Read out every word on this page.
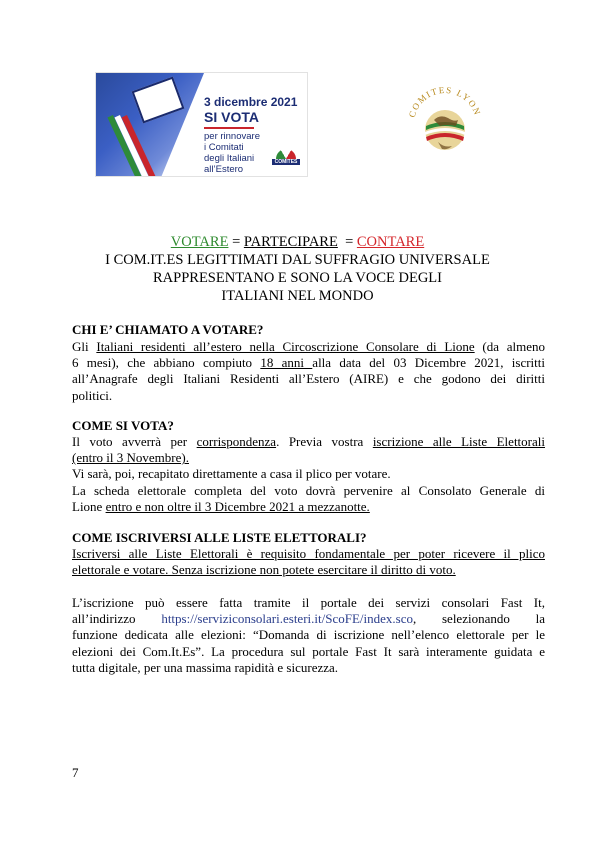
3 dicembre 2021
SI VOTA
per rinnovare
i Comitati
degli Italiani
all’Estero
COMITES
COMITES LYON
VOTARE = PARTECIPARE  = CONTARE
I COM.IT.ES LEGITTIMATI DAL SUFFRAGIO UNIVERSALE
RAPPRESENTANO E SONO LA VOCE DEGLI
ITALIANI NEL MONDO
CHI E’ CHIAMATO A VOTARE?
Gli Italiani residenti all’estero nella Circoscrizione Consolare di Lione (da almeno
6 mesi), che abbiano compiuto 18 anni alla data del 03 Dicembre 2021, iscritti
all’Anagrafe degli Italiani Residenti all’Estero (AIRE) e che godono dei diritti
politici.
COME SI VOTA?
Il voto avverrà per corrispondenza. Previa vostra iscrizione alle Liste Elettorali
(entro il 3 Novembre).
Vi sarà, poi, recapitato direttamente a casa il plico per votare.
La scheda elettorale completa del voto dovrà pervenire al Consolato Generale di
Lione entro e non oltre il 3 Dicembre 2021 a mezzanotte.
COME ISCRIVERSI ALLE LISTE ELETTORALI?
Iscriversi alle Liste Elettorali è requisito fondamentale per poter ricevere il plico
elettorale e votare. Senza iscrizione non potete esercitare il diritto di voto.
L’iscrizione può essere fatta tramite il portale dei servizi consolari Fast It,
all’indirizzo https://serviziconsolari.esteri.it/ScoFE/index.sco, selezionando la
funzione dedicata alle elezioni: “Domanda di iscrizione nell’elenco elettorale per le
elezioni dei Com.It.Es”. La procedura sul portale Fast It sarà interamente guidata e
tutta digitale, per una massima rapidità e sicurezza.
7
